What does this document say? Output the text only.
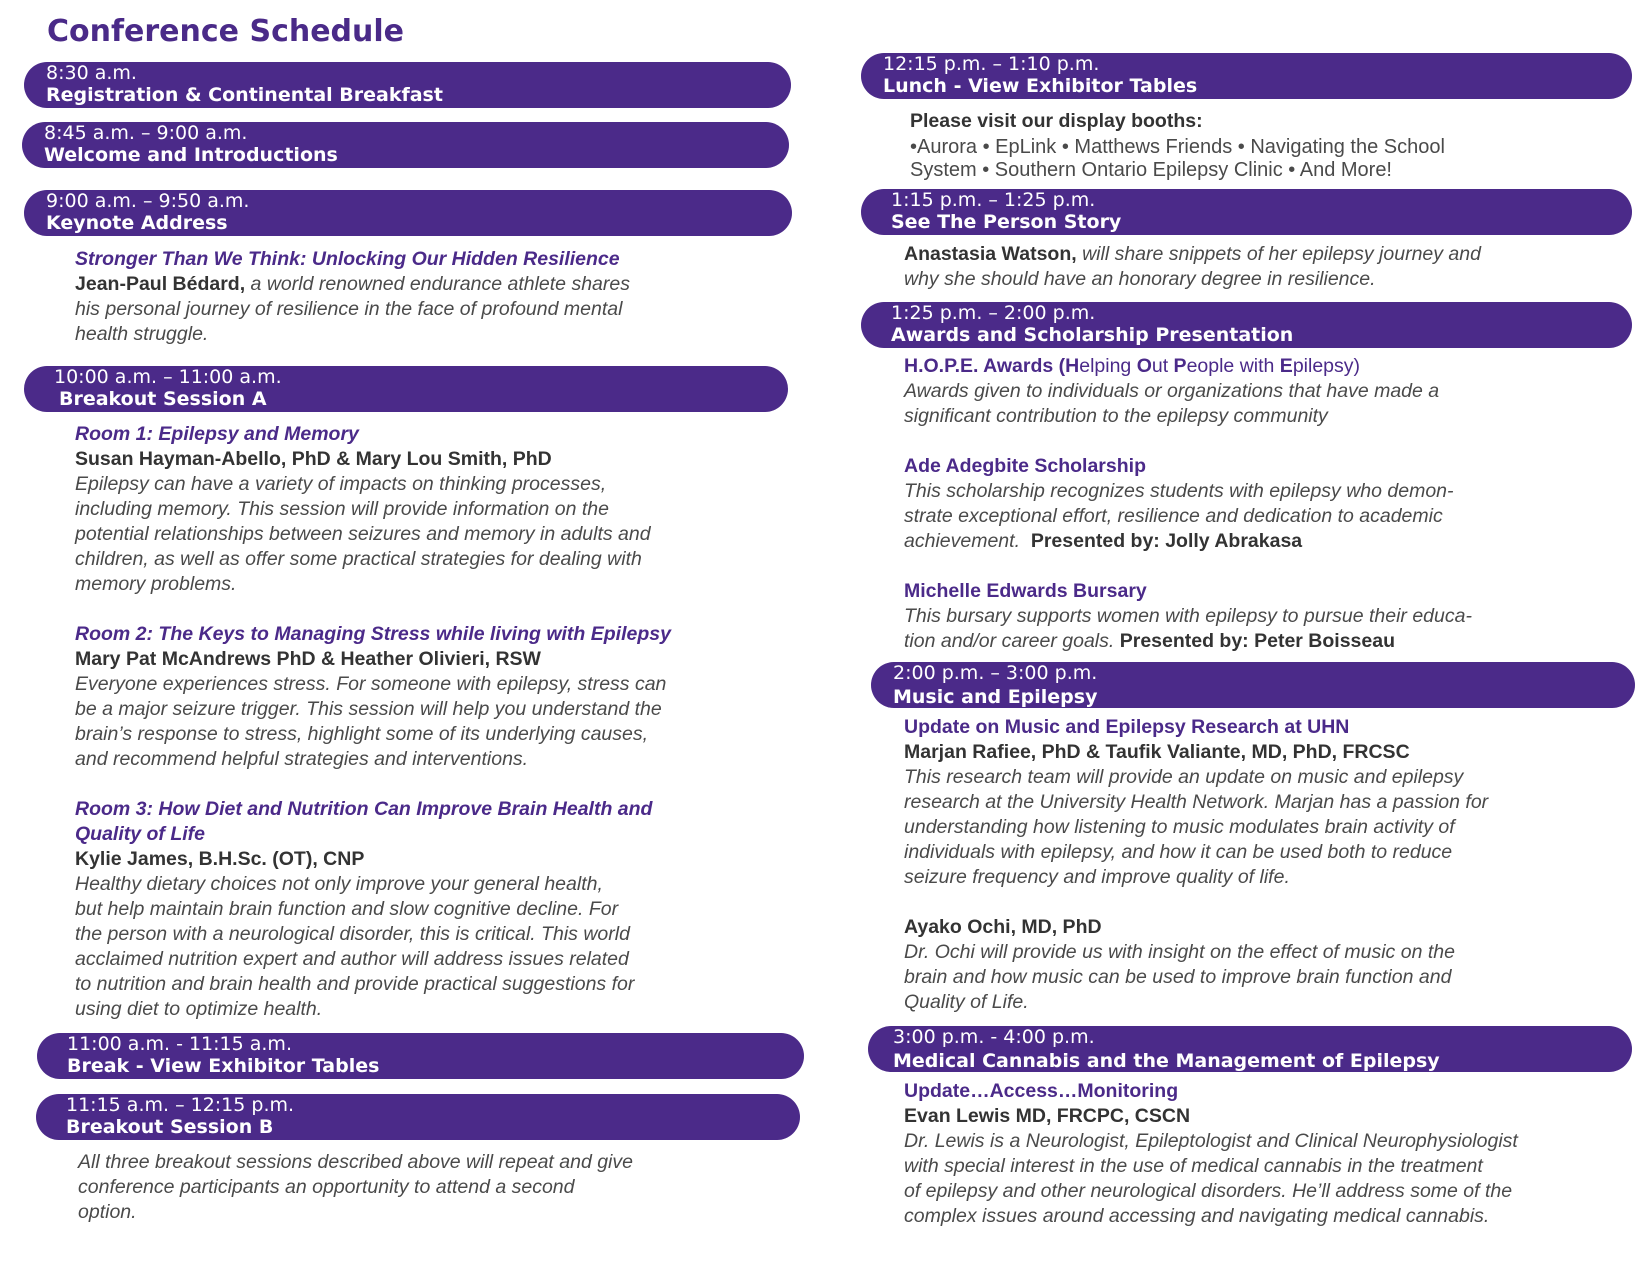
Conference Schedule
8:30 a.m.
Registration & Continental Breakfast
8:45 a.m. – 9:00 a.m.
Welcome and Introductions
9:00 a.m. – 9:50 a.m.
Keynote Address
Stronger Than We Think: Unlocking Our Hidden Resilience
Jean-Paul Bédard, a world renowned endurance athlete shares
his personal journey of resilience in the face of profound mental
health struggle.
10:00 a.m. – 11:00 a.m.
Breakout Session A
Room 1: Epilepsy and Memory
Susan Hayman-Abello, PhD & Mary Lou Smith, PhD
Epilepsy can have a variety of impacts on thinking processes,
including memory. This session will provide information on the
potential relationships between seizures and memory in adults and
children, as well as offer some practical strategies for dealing with
memory problems.
Room 2: The Keys to Managing Stress while living with Epilepsy
Mary Pat McAndrews PhD & Heather Olivieri, RSW
Everyone experiences stress. For someone with epilepsy, stress can
be a major seizure trigger. This session will help you understand the
brain’s response to stress, highlight some of its underlying causes,
and recommend helpful strategies and interventions.
Room 3: How Diet and Nutrition Can Improve Brain Health and
Quality of Life
Kylie James, B.H.Sc. (OT), CNP
Healthy dietary choices not only improve your general health,
but help maintain brain function and slow cognitive decline. For
the person with a neurological disorder, this is critical. This world
acclaimed nutrition expert and author will address issues related
to nutrition and brain health and provide practical suggestions for
using diet to optimize health.
11:00 a.m. - 11:15 a.m.
Break - View Exhibitor Tables
11:15 a.m. – 12:15 p.m.
Breakout Session B
All three breakout sessions described above will repeat and give
conference participants an opportunity to attend a second
option.
12:15 p.m. – 1:10 p.m.
Lunch - View Exhibitor Tables
Please visit our display booths:
•Aurora • EpLink • Matthews Friends • Navigating the School
System • Southern Ontario Epilepsy Clinic • And More!
1:15 p.m. – 1:25 p.m.
See The Person Story
Anastasia Watson, will share snippets of her epilepsy journey and
why she should have an honorary degree in resilience.
1:25 p.m. – 2:00 p.m.
Awards and Scholarship Presentation
H.O.P.E. Awards (Helping Out People with Epilepsy)
Awards given to individuals or organizations that have made a
significant contribution to the epilepsy community
Ade Adegbite Scholarship
This scholarship recognizes students with epilepsy who demon-
strate exceptional effort, resilience and dedication to academic
achievement. Presented by: Jolly Abrakasa
Michelle Edwards Bursary
This bursary supports women with epilepsy to pursue their educa-
tion and/or career goals. Presented by: Peter Boisseau
2:00 p.m. – 3:00 p.m.
Music and Epilepsy
Update on Music and Epilepsy Research at UHN
Marjan Rafiee, PhD & Taufik Valiante, MD, PhD, FRCSC
This research team will provide an update on music and epilepsy
research at the University Health Network. Marjan has a passion for
understanding how listening to music modulates brain activity of
individuals with epilepsy, and how it can be used both to reduce
seizure frequency and improve quality of life.
Ayako Ochi, MD, PhD
Dr. Ochi will provide us with insight on the effect of music on the
brain and how music can be used to improve brain function and
Quality of Life.
3:00 p.m. - 4:00 p.m.
Medical Cannabis and the Management of Epilepsy
Update…Access…Monitoring
Evan Lewis MD, FRCPC, CSCN
Dr. Lewis is a Neurologist, Epileptologist and Clinical Neurophysiologist
with special interest in the use of medical cannabis in the treatment
of epilepsy and other neurological disorders. He’ll address some of the
complex issues around accessing and navigating medical cannabis.
